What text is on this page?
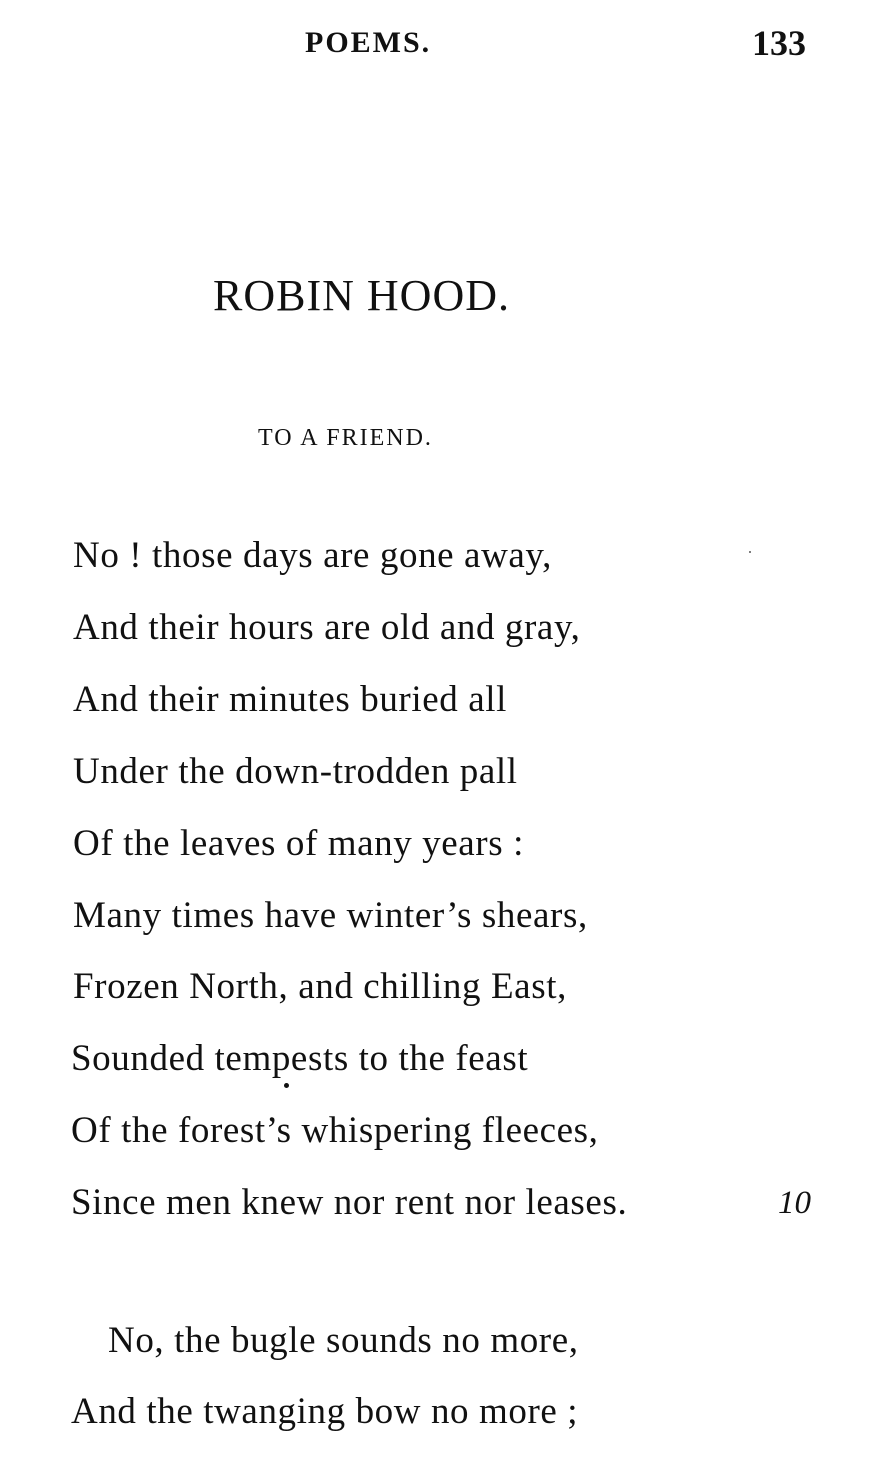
POEMS.	133
ROBIN HOOD.
TO A FRIEND.
No ! those days are gone away,
And their hours are old and gray,
And their minutes buried all
Under the down-trodden pall
Of the leaves of many years :
Many times have winter’s shears,
Frozen North, and chilling East,
Sounded tempests to the feast
Of the forest’s whispering fleeces,
Since men knew nor rent nor leases.	10
No, the bugle sounds no more,
And the twanging bow no more ;
